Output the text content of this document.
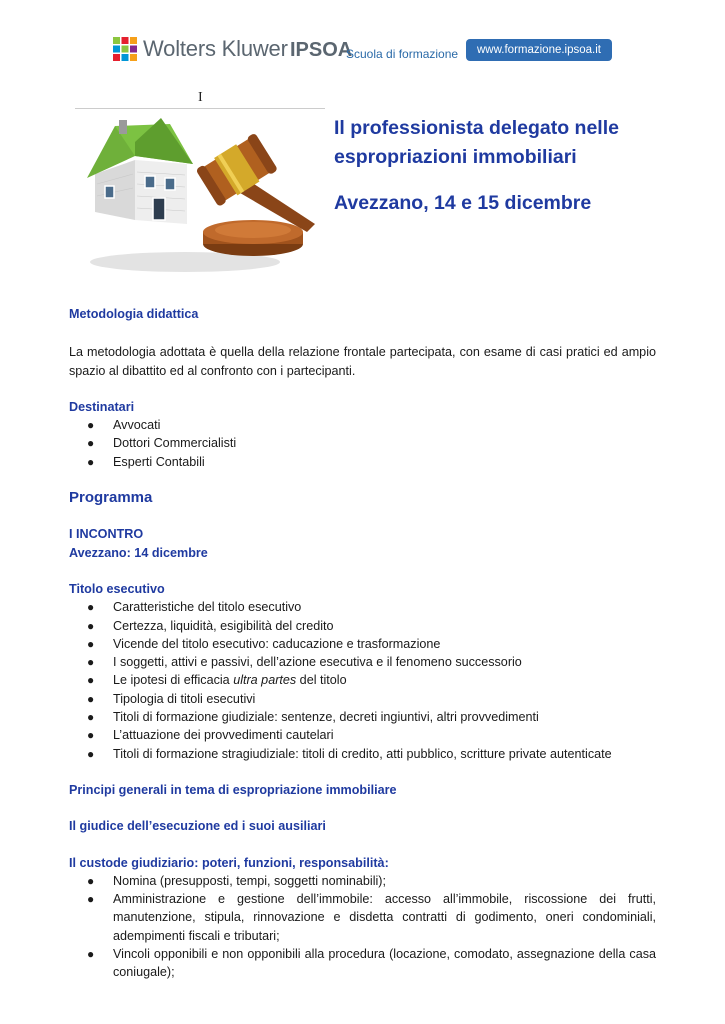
Wolters Kluwer IPSOA
Scuola di formazione	www.formazione.ipsoa.it
I
Il professionista delegato nelle espropriazioni immobiliari
Avezzano, 14 e 15 dicembre

Metodologia didattica

La metodologia adottata è quella della relazione frontale partecipata, con esame di casi pratici ed ampio spazio al dibattito ed al confronto con i partecipanti.

Destinatari

● Avvocati
● Dottori Commercialisti
● Esperti Contabili

Programma

I INCONTRO

Avezzano: 14 dicembre

Titolo esecutivo

● Caratteristiche del titolo esecutivo
● Certezza, liquidità, esigibilità del credito
● Vicende del titolo esecutivo: caducazione e trasformazione
● I soggetti, attivi e passivi, dell’azione esecutiva e il fenomeno successorio
● Le ipotesi di efficacia ultra partes del titolo
● Tipologia di titoli esecutivi
● Titoli di formazione giudiziale: sentenze, decreti ingiuntivi, altri provvedimenti
● L’attuazione dei provvedimenti cautelari
● Titoli di formazione stragiudiziale: titoli di credito, atti pubblico, scritture private autenticate

Principi generali in tema di espropriazione immobiliare

Il giudice dell’esecuzione ed i suoi ausiliari

Il custode giudiziario: poteri, funzioni, responsabilità:

● Nomina (presupposti, tempi, soggetti nominabili);
● Amministrazione e gestione dell’immobile: accesso all’immobile, riscossione dei frutti, manutenzione, stipula, rinnovazione e disdetta contratti di godimento, oneri condominiali, adempimenti fiscali e tributari;
● Vincoli opponibili e non opponibili alla procedura (locazione, comodato, assegnazione della casa coniugale);
